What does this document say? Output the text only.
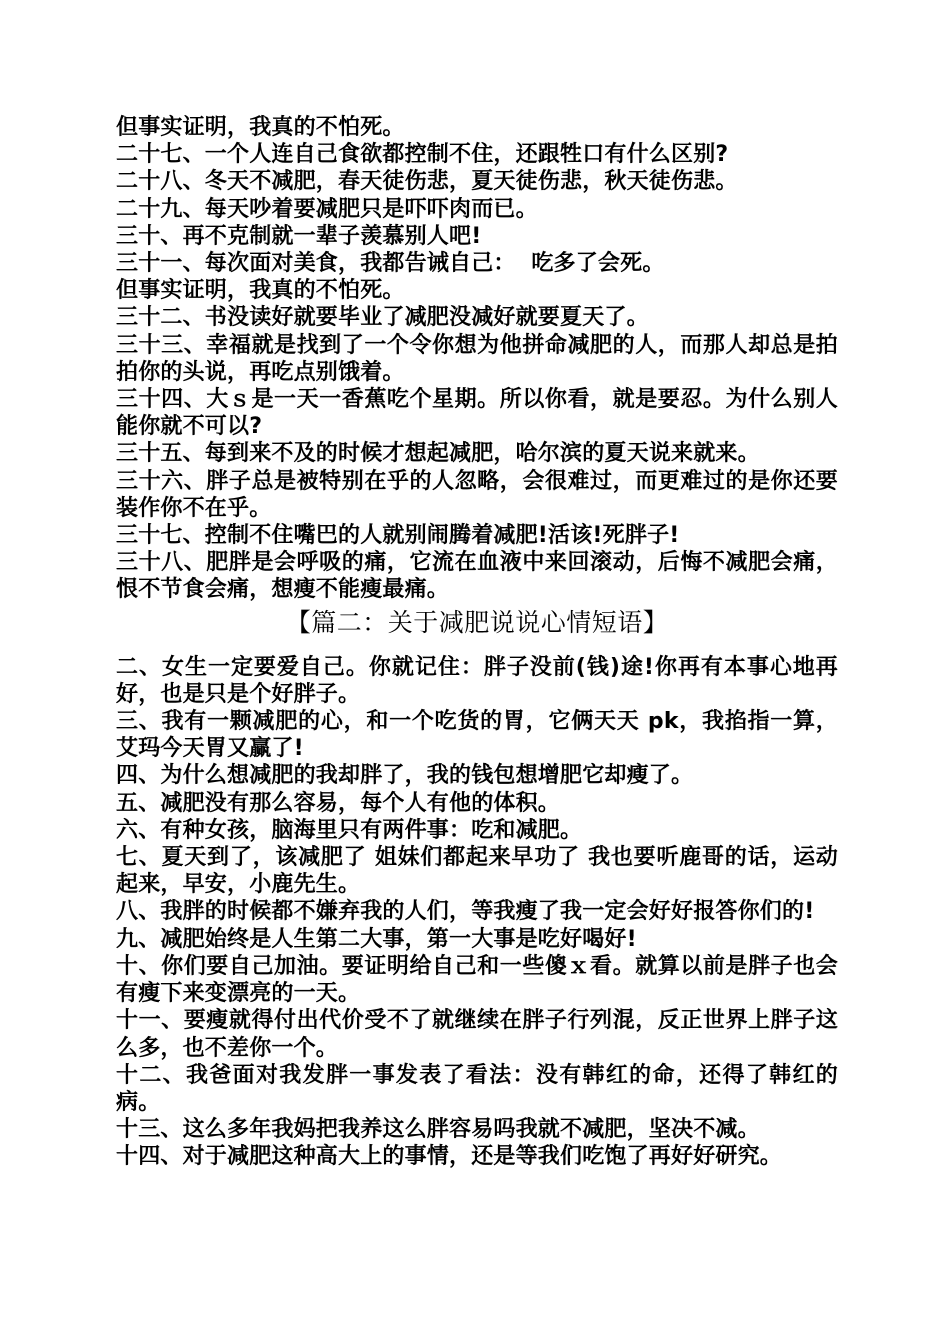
但事实证明，我真的不怕死。
二十七、一个人连自己食欲都控制不住，还跟牲口有什么区别?
二十八、冬天不减肥，春天徒伤悲，夏天徒伤悲，秋天徒伤悲。
二十九、每天吵着要减肥只是吓吓肉而已。
三十、再不克制就一辈子羡慕别人吧!
三十一、每次面对美食，我都告诫自己：  吃多了会死。
但事实证明，我真的不怕死。
三十二、书没读好就要毕业了减肥没减好就要夏天了。
三十三、幸福就是找到了一个令你想为他拼命减肥的人，而那人却总是拍拍你的头说，再吃点别饿着。
三十四、大ｓ是一天一香蕉吃个星期。所以你看，就是要忍。为什么别人能你就不可以?
三十五、每到来不及的时候才想起减肥，哈尔滨的夏天说来就来。
三十六、胖子总是被特别在乎的人忽略，会很难过，而更难过的是你还要装作你不在乎。
三十七、控制不住嘴巴的人就别闹腾着减肥!活该!死胖子!
三十八、肥胖是会呼吸的痛，它流在血液中来回滚动，后悔不减肥会痛，恨不节食会痛，想瘦不能瘦最痛。
【篇二：关于减肥说说心情短语】
二、女生一定要爱自己。你就记住：胖子没前(钱)途!你再有本事心地再好，也是只是个好胖子。
三、我有一颗减肥的心，和一个吃货的胃，它俩天天 pk，我掐指一算，艾玛今天胃又赢了!
四、为什么想减肥的我却胖了，我的钱包想增肥它却瘦了。
五、减肥没有那么容易，每个人有他的体积。
六、有种女孩，脑海里只有两件事：吃和减肥。
七、夏天到了，该减肥了 姐妹们都起来早功了 我也要听鹿哥的话，运动起来，早安，小鹿先生。
八、我胖的时候都不嫌弃我的人们，等我瘦了我一定会好好报答你们的!
九、减肥始终是人生第二大事，第一大事是吃好喝好!
十、你们要自己加油。要证明给自己和一些傻ｘ看。就算以前是胖子也会有瘦下来变漂亮的一天。
十一、要瘦就得付出代价受不了就继续在胖子行列混，反正世界上胖子这么多，也不差你一个。
十二、我爸面对我发胖一事发表了看法：没有韩红的命，还得了韩红的病。
十三、这么多年我妈把我养这么胖容易吗我就不减肥，坚决不减。
十四、对于减肥这种高大上的事情，还是等我们吃饱了再好好研究。
